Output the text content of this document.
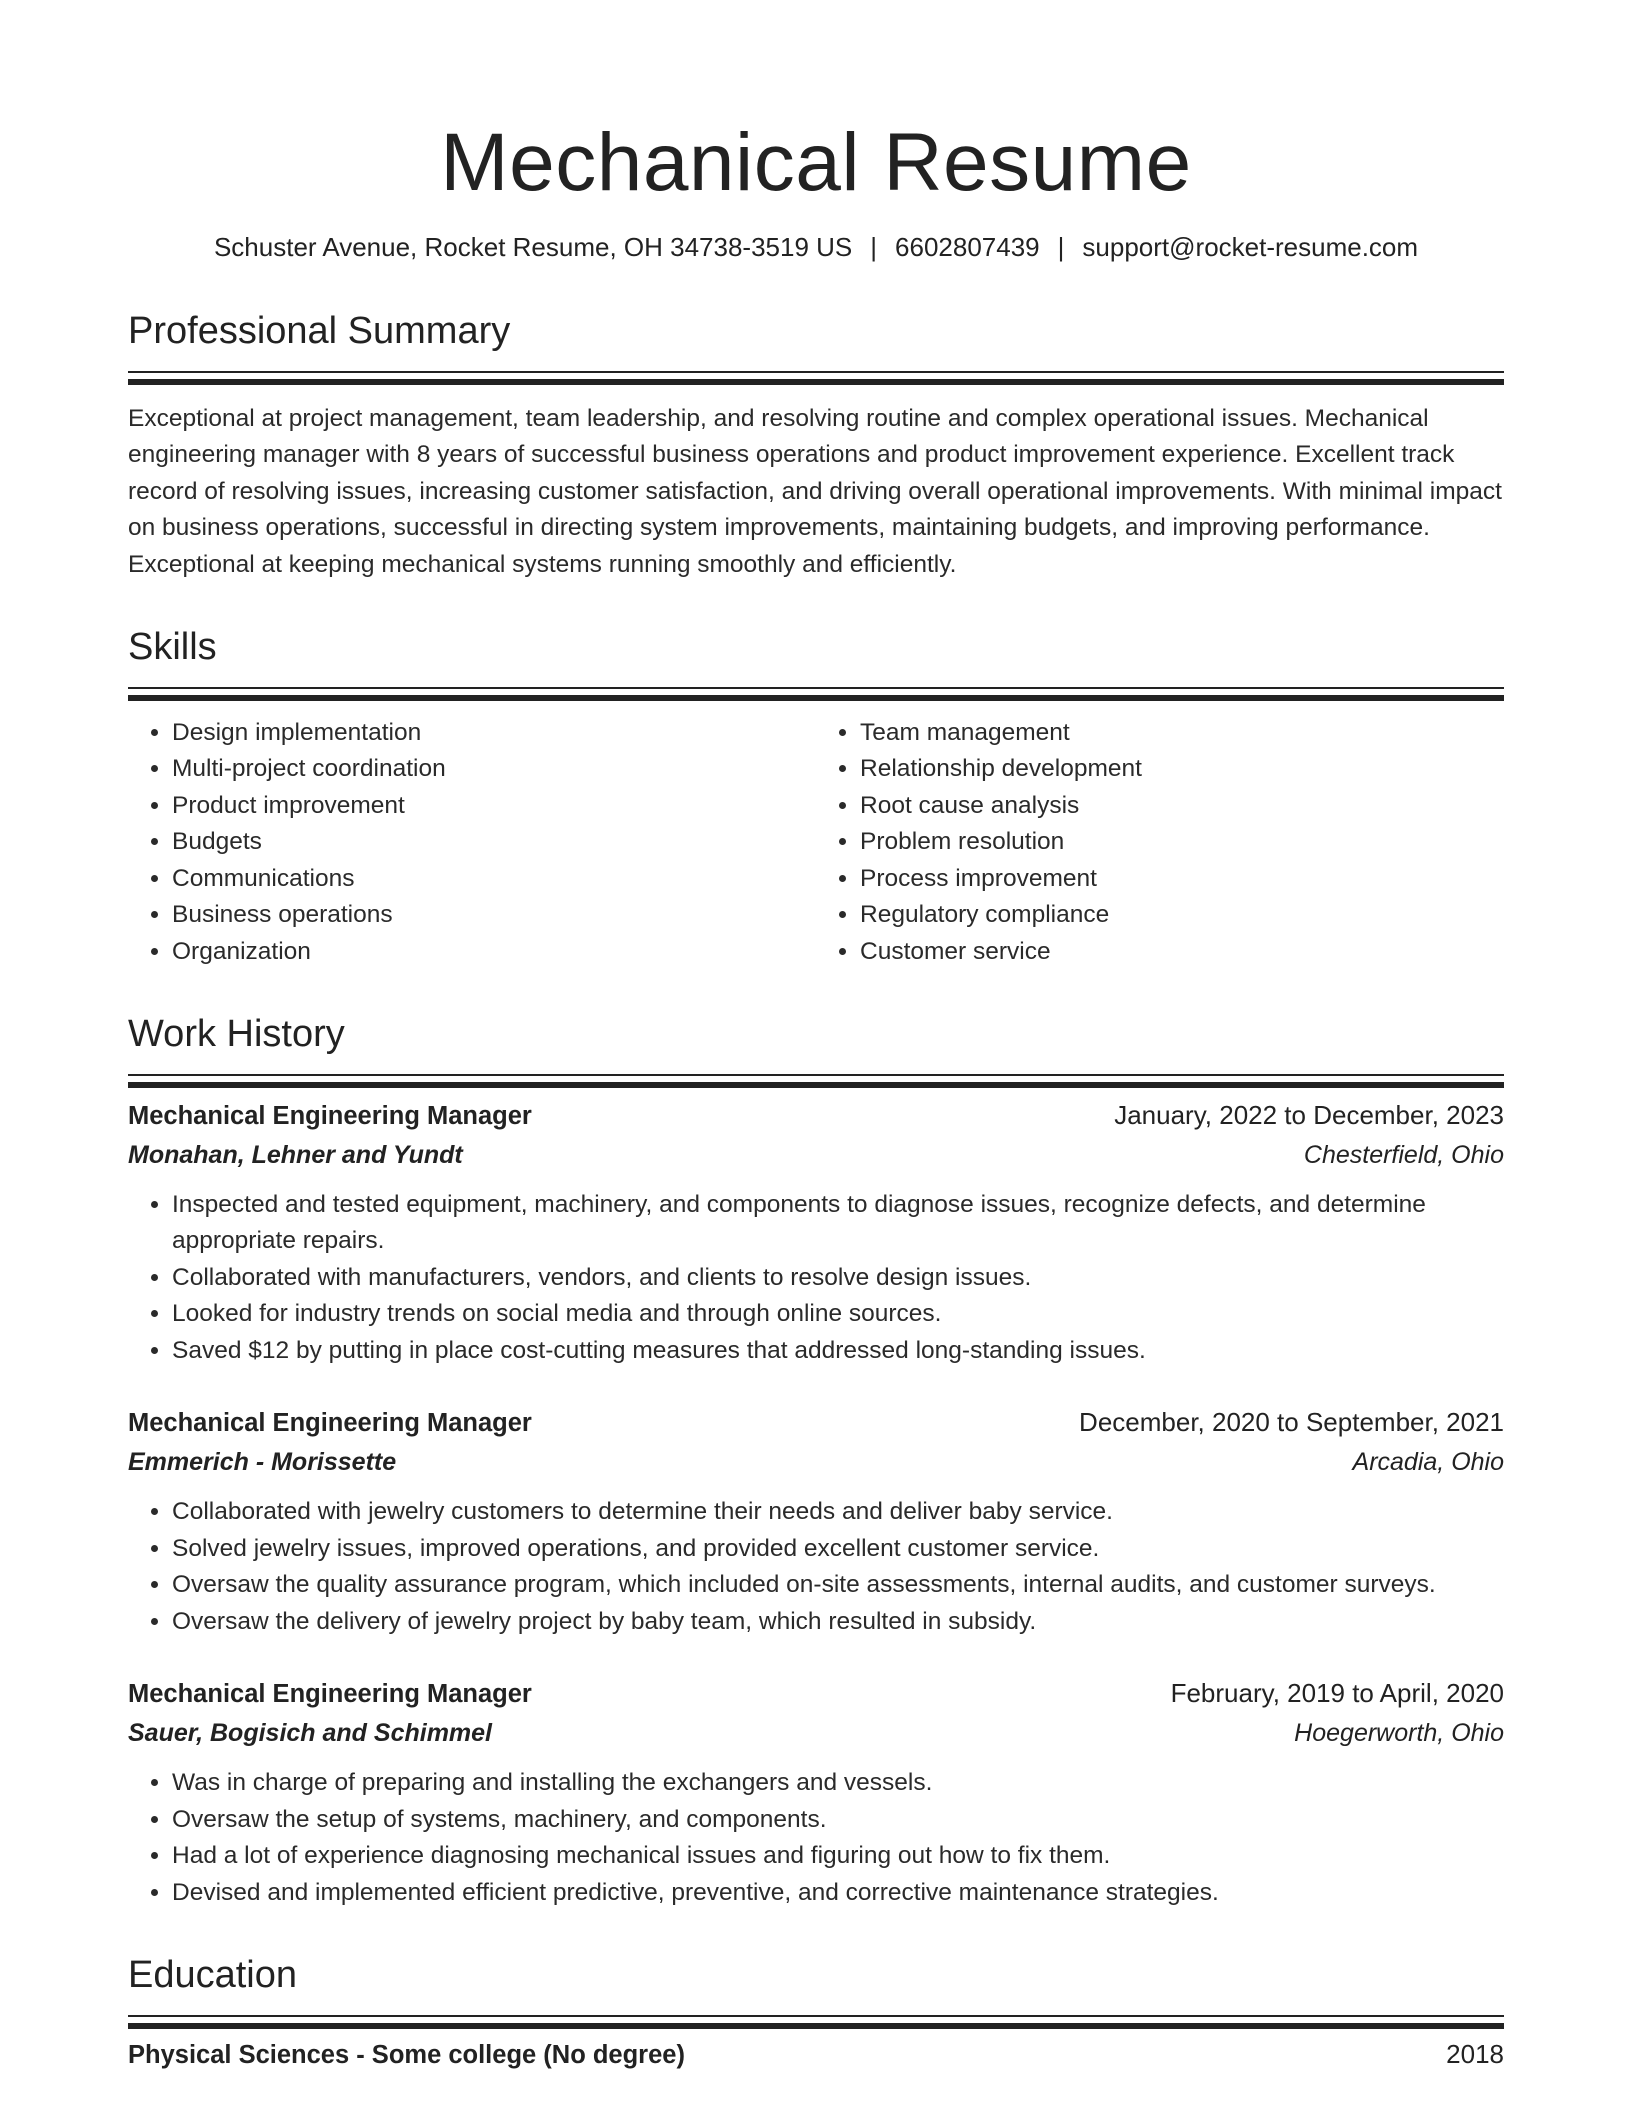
Mechanical Resume
Schuster Avenue, Rocket Resume, OH 34738-3519 US | 6602807439 | support@rocket-resume.com
Professional Summary
Exceptional at project management, team leadership, and resolving routine and complex operational issues. Mechanical engineering manager with 8 years of successful business operations and product improvement experience. Excellent track record of resolving issues, increasing customer satisfaction, and driving overall operational improvements. With minimal impact on business operations, successful in directing system improvements, maintaining budgets, and improving performance. Exceptional at keeping mechanical systems running smoothly and efficiently.
Skills
• Design implementation
• Multi-project coordination
• Product improvement
• Budgets
• Communications
• Business operations
• Organization
• Team management
• Relationship development
• Root cause analysis
• Problem resolution
• Process improvement
• Regulatory compliance
• Customer service
Work History
Mechanical Engineering Manager	January, 2022 to December, 2023
Monahan, Lehner and Yundt	Chesterfield, Ohio
• Inspected and tested equipment, machinery, and components to diagnose issues, recognize defects, and determine appropriate repairs.
• Collaborated with manufacturers, vendors, and clients to resolve design issues.
• Looked for industry trends on social media and through online sources.
• Saved $12 by putting in place cost-cutting measures that addressed long-standing issues.
Mechanical Engineering Manager	December, 2020 to September, 2021
Emmerich - Morissette	Arcadia, Ohio
• Collaborated with jewelry customers to determine their needs and deliver baby service.
• Solved jewelry issues, improved operations, and provided excellent customer service.
• Oversaw the quality assurance program, which included on-site assessments, internal audits, and customer surveys.
• Oversaw the delivery of jewelry project by baby team, which resulted in subsidy.
Mechanical Engineering Manager	February, 2019 to April, 2020
Sauer, Bogisich and Schimmel	Hoegerworth, Ohio
• Was in charge of preparing and installing the exchangers and vessels.
• Oversaw the setup of systems, machinery, and components.
• Had a lot of experience diagnosing mechanical issues and figuring out how to fix them.
• Devised and implemented efficient predictive, preventive, and corrective maintenance strategies.
Education
Physical Sciences - Some college (No degree)	2018
